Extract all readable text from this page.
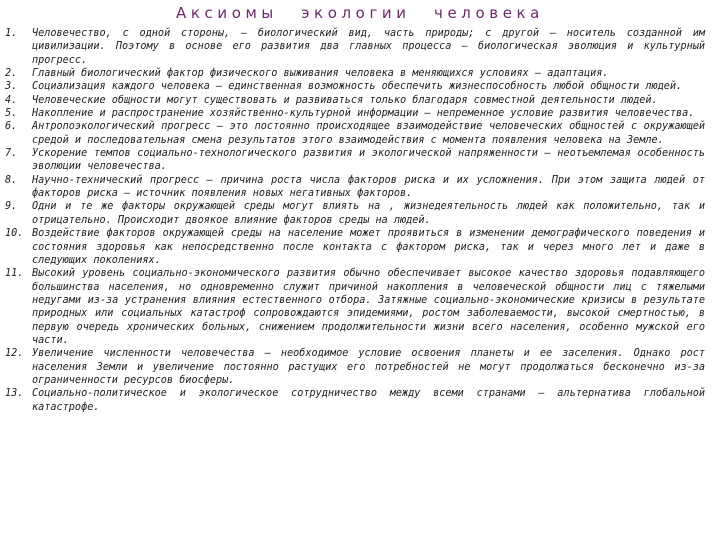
Аксиомы экологии человека
1.	Человечество, с одной стороны, — биологический вид, часть природы; с другой — носитель созданной им цивилизации. Поэтому в основе его развития два главных процесса — биологическая эволюция и культурный прогресс.
2.	Главный биологический фактор физического выживания человека в меняющихся условиях — адаптация.
3.	Социализация каждого человека — единственная возможность обеспечить жизнеспособность любой общности людей.
4.	Человеческие общности могут существовать и развиваться только благодаря совместной деятельности людей.
5.	Накопление и распространение хозяйственно-культурной информации — непременное условие развития человечества.
6.	Антропоэкологический прогресс — это постоянно происходящее взаимодействие человеческих общностей с окружающей средой и последовательная смена результатов этого взаимодействия с момента появления человека на Земле.
7.	Ускорение темпов социально-технологического развития и экологической напряженности — неотъемлемая особенность эволюции человечества.
8.	Научно-технический прогресс — причина роста числа факторов риска и их усложнения. При этом защита людей от факторов риска — источник появления новых негативных факторов.
9.	Одни и те же факторы окружающей среды могут влиять на , жизнедеятельность людей как положительно, так и отрицательно. Происходит двоякое влияние факторов среды на людей.
10. Воздействие факторов окружающей среды на население может проявиться в изменении демографического поведения и состояния здоровья как непосредственно после контакта с фактором риска, так и через много лет и даже в следующих поколениях.
11. Высокий уровень социально-экономического развития обычно обеспечивает высокое качество здоровья подавляющего большинства населения, но одновременно служит причиной накопления в человеческой общности лиц с тяжелыми недугами из-за устранения влияния естественного отбора. Затяжные социально-экономические кризисы в результате природных или социальных катастроф сопровождаются эпидемиями, ростом заболеваемости, высокой смертностью, в первую очередь хронических больных, снижением продолжительности жизни всего населения, особенно мужской его части.
12. Увеличение численности человечества — необходимое условие освоения планеты и ее заселения. Однако рост населения Земли и увеличение постоянно растущих его потребностей не могут продолжаться бесконечно из-за ограниченности ресурсов биосферы.
13. Социально-политическое и экологическое сотрудничество между всеми странами — альтернатива глобальной катастрофе.
